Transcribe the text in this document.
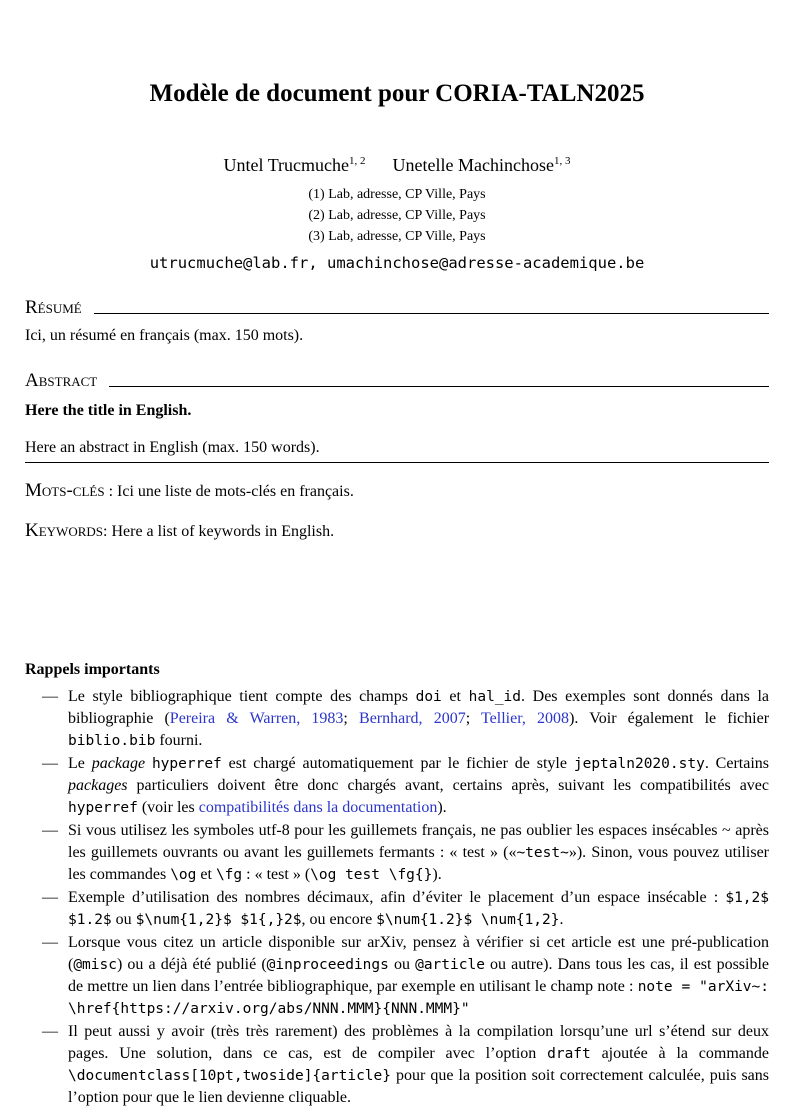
Modèle de document pour CORIA-TALN2025
Untel Trucmuche$^{1, 2}$   Unetelle Machinchose$^{1, 3}$
(1) Lab, adresse, CP Ville, Pays
(2) Lab, adresse, CP Ville, Pays
(3) Lab, adresse, CP Ville, Pays
utrucmuche@lab.fr, umachinchose@adresse-academique.be
Résumé

Ici, un résumé en français (max. 150 mots).

Abstract

Here the title in English.

Here an abstract in English (max. 150 words).

Mots-clés : Ici une liste de mots-clés en français.

Keywords: Here a list of keywords in English.

Rappels importants
— Le style bibliographique tient compte des champs doi et hal_id. Des exemples sont donnés dans la bibliographie (Pereira & Warren, 1983; Bernhard, 2007; Tellier, 2008). Voir également le fichier biblio.bib fourni.
— Le package hyperref est chargé automatiquement par le fichier de style jeptaln2020.sty. Certains packages particuliers doivent être donc chargés avant, certains après, suivant les compatibilités avec hyperref (voir les compatibilités dans la documentation).
— Si vous utilisez les symboles utf-8 pour les guillemets français, ne pas oublier les espaces insécables ~ après les guillemets ouvrants ou avant les guillemets fermants : « test » («~test~»). Sinon, vous pouvez utiliser les commandes \og et \fg : « test » (\og test \fg{}).
— Exemple d’utilisation des nombres décimaux, afin d’éviter le placement d’un espace insécable : $1,2$ $1.2$ ou $\num{1,2}$ $1{,}2$, ou encore $\num{1.2}$ \num{1,2}.
— Lorsque vous citez un article disponible sur arXiv, pensez à vérifier si cet article est une pré-publication (@misc) ou a déjà été publié (@inproceedings ou @article ou autre). Dans tous les cas, il est possible de mettre un lien dans l’entrée bibliographique, par exemple en utilisant le champ note : note = "arXiv~: \href{https://arxiv.org/abs/NNN.MMM}{NNN.MMM}"
— Il peut aussi y avoir (très très rarement) des problèmes à la compilation lorsqu’une url s’étend sur deux pages. Une solution, dans ce cas, est de compiler avec l’option draft ajoutée à la commande \documentclass[10pt,twoside]{article} pour que la position soit correctement calculée, puis sans l’option pour que le lien devienne cliquable.
